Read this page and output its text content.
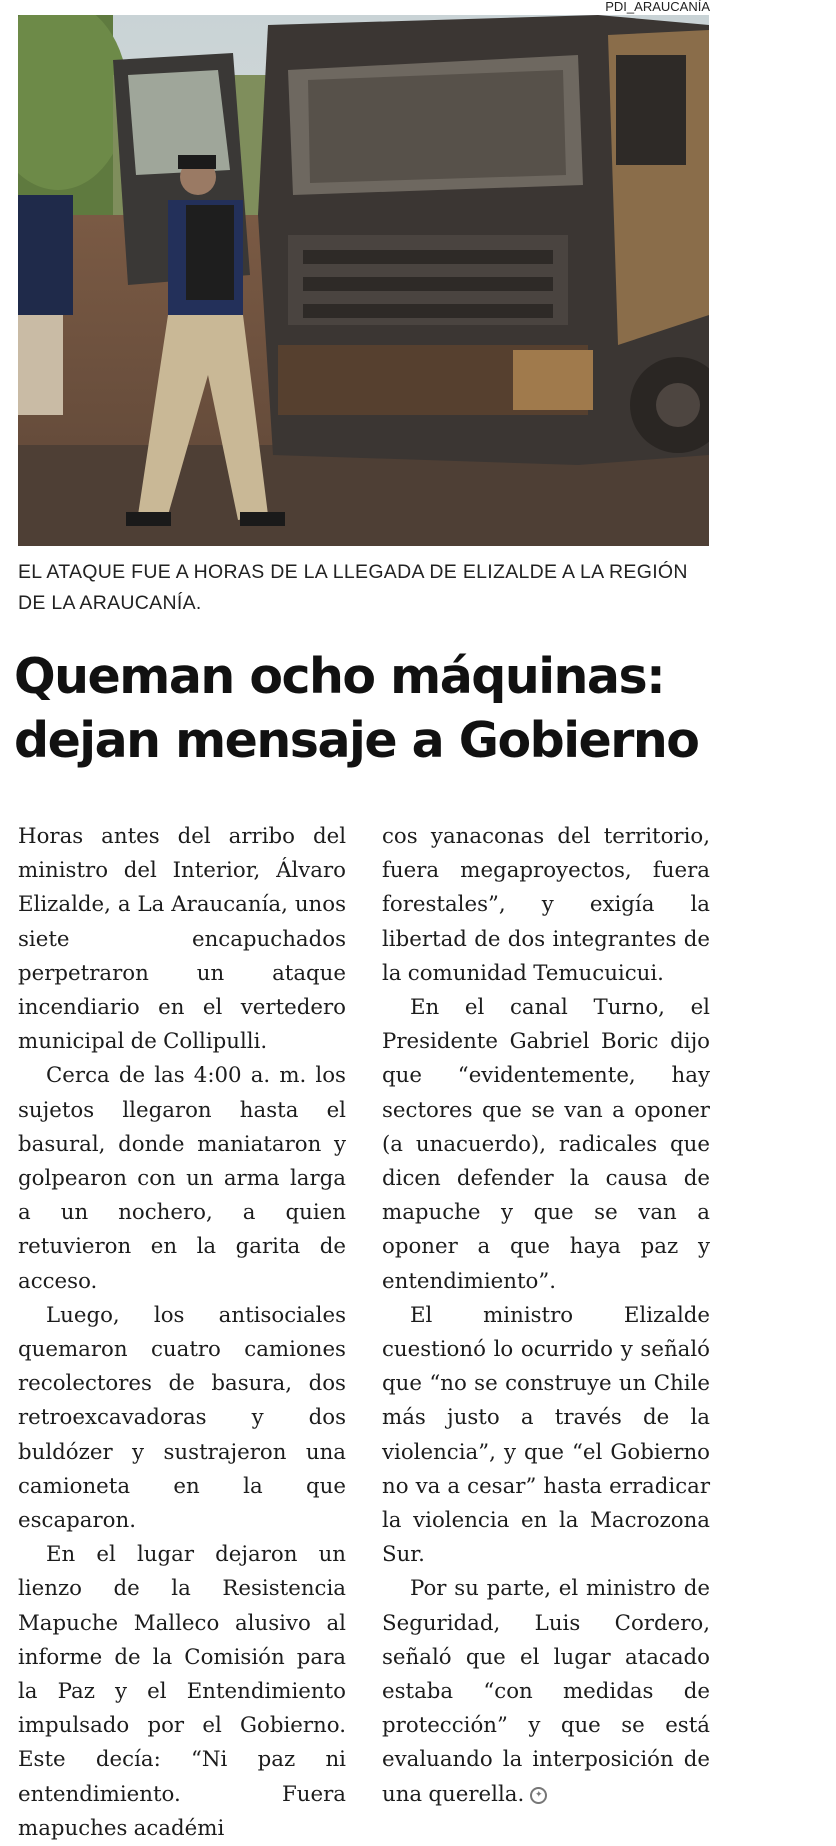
PDI_ARAUCANÍA
EL ATAQUE FUE A HORAS DE LA LLEGADA DE ELIZALDE A LA REGIÓN DE LA ARAUCANÍA.
Queman ocho máquinas:
dejan mensaje a Gobierno

Horas antes del arribo del ministro del Interior, Álvaro Elizalde, a La Araucanía, unos siete encapuchados perpetraron un ataque incendiario en el vertedero municipal de Collipulli.

Cerca de las 4:00 a. m. los sujetos llegaron hasta el basural, donde maniataron y golpearon con un arma larga a un nochero, a quien retuvieron en la garita de acceso.

Luego, los antisociales quemaron cuatro camiones recolectores de basura, dos retroexcavadoras y dos buldózer y sustrajeron una camioneta en la que escaparon.

En el lugar dejaron un lienzo de la Resistencia Mapuche Malleco alusivo al informe de la Comisión para la Paz y el Entendimiento impulsado por el Gobierno. Este decía: “Ni paz ni entendimiento. Fuera mapuches académi

cos yanaconas del territorio, fuera megaproyectos, fuera forestales”, y exigía la libertad de dos integrantes de la comunidad Temucuicui.

En el canal Turno, el Presidente Gabriel Boric dijo que “evidentemente, hay sectores que se van a oponer (a unacuerdo), radicales que dicen defender la causa de mapuche y que se van a oponer a que haya paz y entendimiento”.

El ministro Elizalde cuestionó lo ocurrido y señaló que “no se construye un Chile más justo a través de la violencia”, y que “el Gobierno no va a cesar” hasta erradicar la violencia en la Macrozona Sur.

Por su parte, el ministro de Seguridad, Luis Cordero, señaló que el lugar atacado estaba “con medidas de protección” y que se está evaluando la interposición de una querella. ✦
